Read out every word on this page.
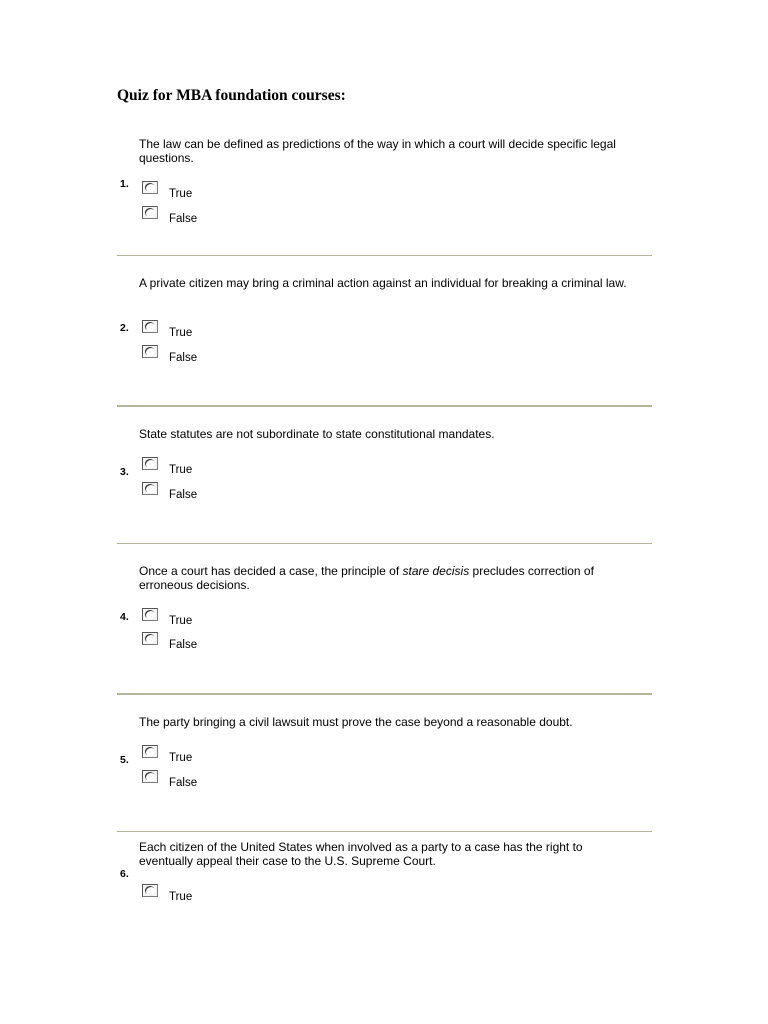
Quiz for MBA foundation courses:

The law can be defined as predictions of the way in which a court will decide specific legal questions.

1.
True
False

A private citizen may bring a criminal action against an individual for breaking a criminal law.

2.	True
False

State statutes are not subordinate to state constitutional mandates.

3.	True
False

Once a court has decided a case, the principle of stare decisis precludes correction of erroneous decisions.

4.	True
False

The party bringing a civil lawsuit must prove the case beyond a reasonable doubt.

5.	True
False

Each citizen of the United States when involved as a party to a case has the right to eventually appeal their case to the U.S. Supreme Court.

6.
True
